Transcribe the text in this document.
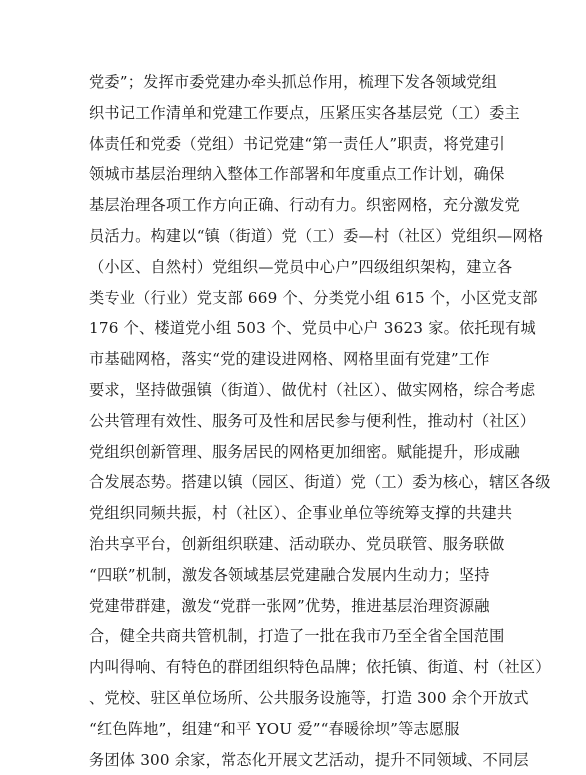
党委”；发挥市委党建办牵头抓总作用，梳理下发各领域党组
织书记工作清单和党建工作要点，压紧压实各基层党（工）委主
体责任和党委（党组）书记党建“第一责任人”职责，将党建引
领城市基层治理纳入整体工作部署和年度重点工作计划，确保
基层治理各项工作方向正确、行动有力。织密网格，充分激发党
员活力。构建以“镇（街道）党（工）委—村（社区）党组织—网格
（小区、自然村）党组织—党员中心户”四级组织架构，建立各
类专业（行业）党支部 669 个、分类党小组 615 个，小区党支部
176 个、楼道党小组 503 个、党员中心户 3623 家。依托现有城
市基础网格，落实“党的建设进网格、网格里面有党建”工作
要求，坚持做强镇（街道）、做优村（社区）、做实网格，综合考虑
公共管理有效性、服务可及性和居民参与便利性，推动村（社区）
党组织创新管理、服务居民的网格更加细密。赋能提升，形成融
合发展态势。搭建以镇（园区、街道）党（工）委为核心，辖区各级
党组织同频共振，村（社区）、企事业单位等统筹支撑的共建共
治共享平台，创新组织联建、活动联办、党员联管、服务联做
“四联”机制，激发各领域基层党建融合发展内生动力；坚持
党建带群建，激发“党群一张网”优势，推进基层治理资源融
合，健全共商共管机制，打造了一批在我市乃至全省全国范围
内叫得响、有特色的群团组织特色品牌；依托镇、街道、村（社区）
、党校、驻区单位场所、公共服务设施等，打造 300 余个开放式
“红色阵地”，组建“和平 YOU 爱”“春暖徐坝”等志愿服
务团体 300 余家，常态化开展文艺活动，提升不同领域、不同层
